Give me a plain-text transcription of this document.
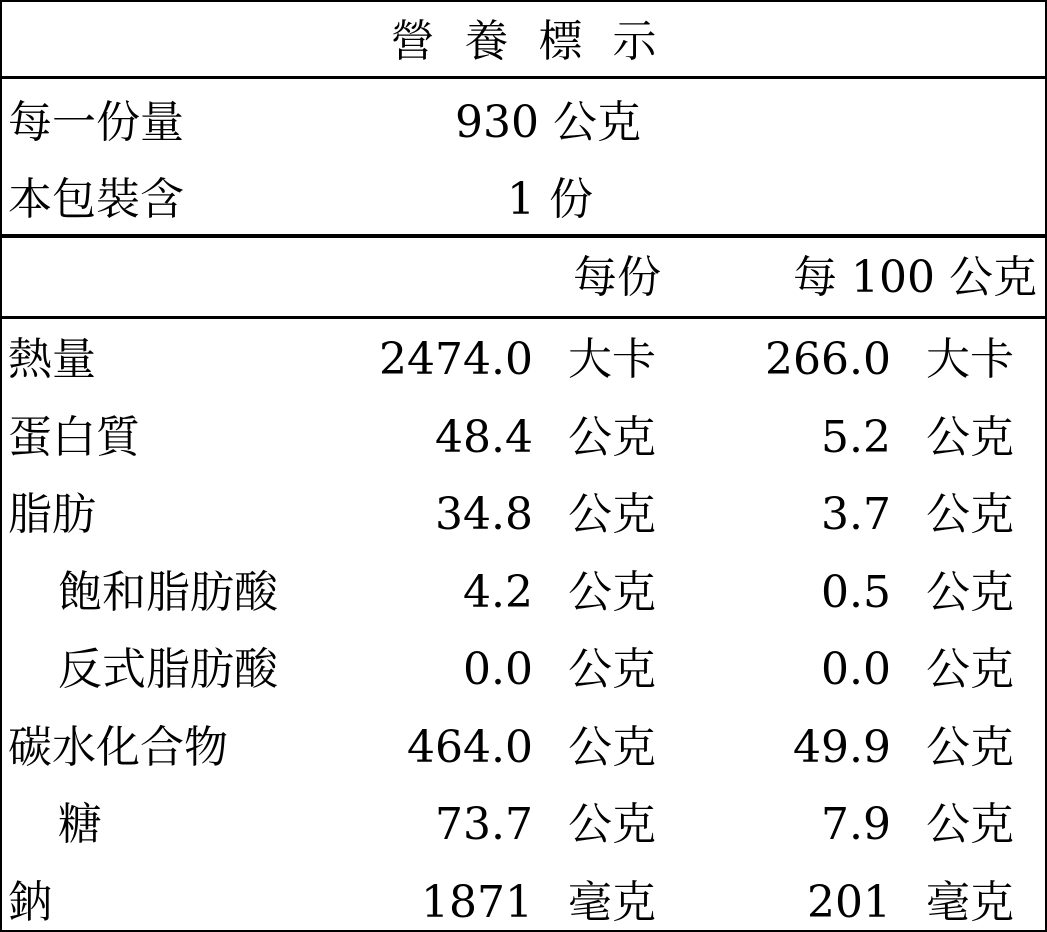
營養標示
每一份量	930 公克
本包裝含	1 份
每份	每 100 公克
熱量	2474.0 大卡 266.0 大卡
蛋白質	48.4 公克	5.2 公克
脂肪	34.8 公克	3.7 公克
飽和脂肪酸	4.2 公克	0.5 公克
反式脂肪酸	0.0 公克	0.0 公克
碳水化合物	464.0 公克	49.9 公克
糖	73.7 公克	7.9 公克
鈉	1871 毫克	201 毫克
